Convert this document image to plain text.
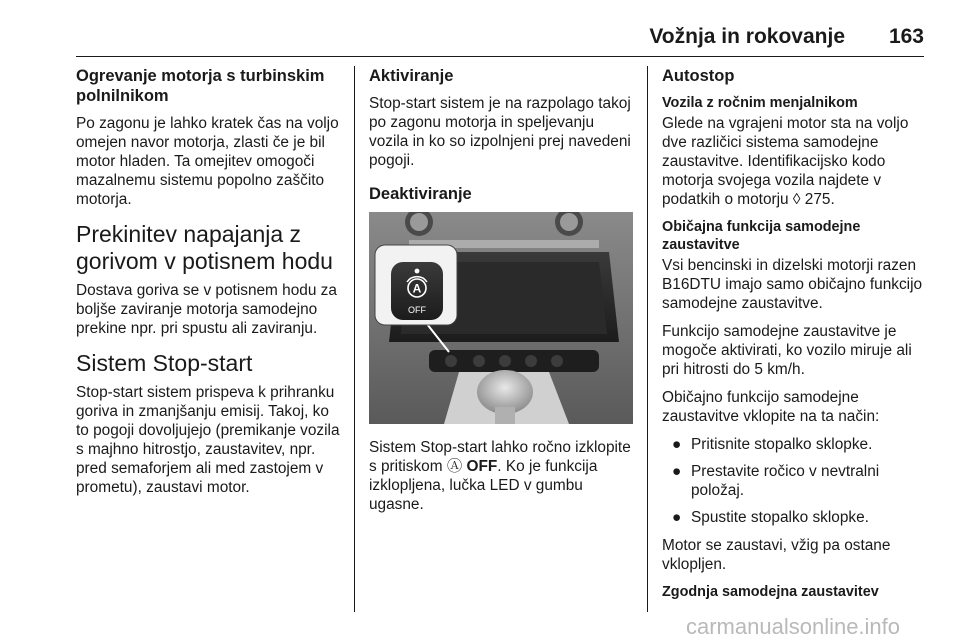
Vožnja in rokovanje 163
Ogrevanje motorja s turbinskim polnilnikom

Po zagonu je lahko kratek čas na voljo omejen navor motorja, zlasti če je bil motor hladen. Ta omejitev omogoči mazalnemu sistemu popolno zaščito motorja.

Prekinitev napajanja z gorivom v potisnem hodu

Dostava goriva se v potisnem hodu za boljše zaviranje motorja samodejno prekine npr. pri spustu ali zaviranju.

Sistem Stop-start

Stop-start sistem prispeva k prihranku goriva in zmanjšanju emisij. Takoj, ko to pogoji dovoljujejo (premikanje vozila s majhno hitrostjo, zaustavitev, npr. pred semaforjem ali med zastojem v prometu), zaustavi motor.

Aktiviranje

Stop-start sistem je na razpolago takoj po zagonu motorja in speljevanju vozila in ko so izpolnjeni prej navedeni pogoji.

Deaktiviranje
A
OFF

Sistem Stop-start lahko ročno izklopite s pritiskom Ⓐ OFF. Ko je funkcija izklopljena, lučka LED v gumbu ugasne.

Autostop
Vozila z ročnim menjalnikom

Glede na vgrajeni motor sta na voljo dve različici sistema samodejne zaustavitve. Identifikacijsko kodo motorja svojega vozila najdete v podatkih o motorju ◊ 275.

Običajna funkcija samodejne zaustavitve

Vsi bencinski in dizelski motorji razen B16DTU imajo samo običajno funkcijo samodejne zaustavitve.

Funkcijo samodejne zaustavitve je mogoče aktivirati, ko vozilo miruje ali pri hitrosti do 5 km/h.

Običajno funkcijo samodejne zaustavitve vklopite na ta način:

● Pritisnite stopalko sklopke.
● Prestavite ročico v nevtralni položaj.
● Spustite stopalko sklopke.

Motor se zaustavi, vžig pa ostane vklopljen.

Zgodnja samodejna zaustavitev
carmanualsonline.info
